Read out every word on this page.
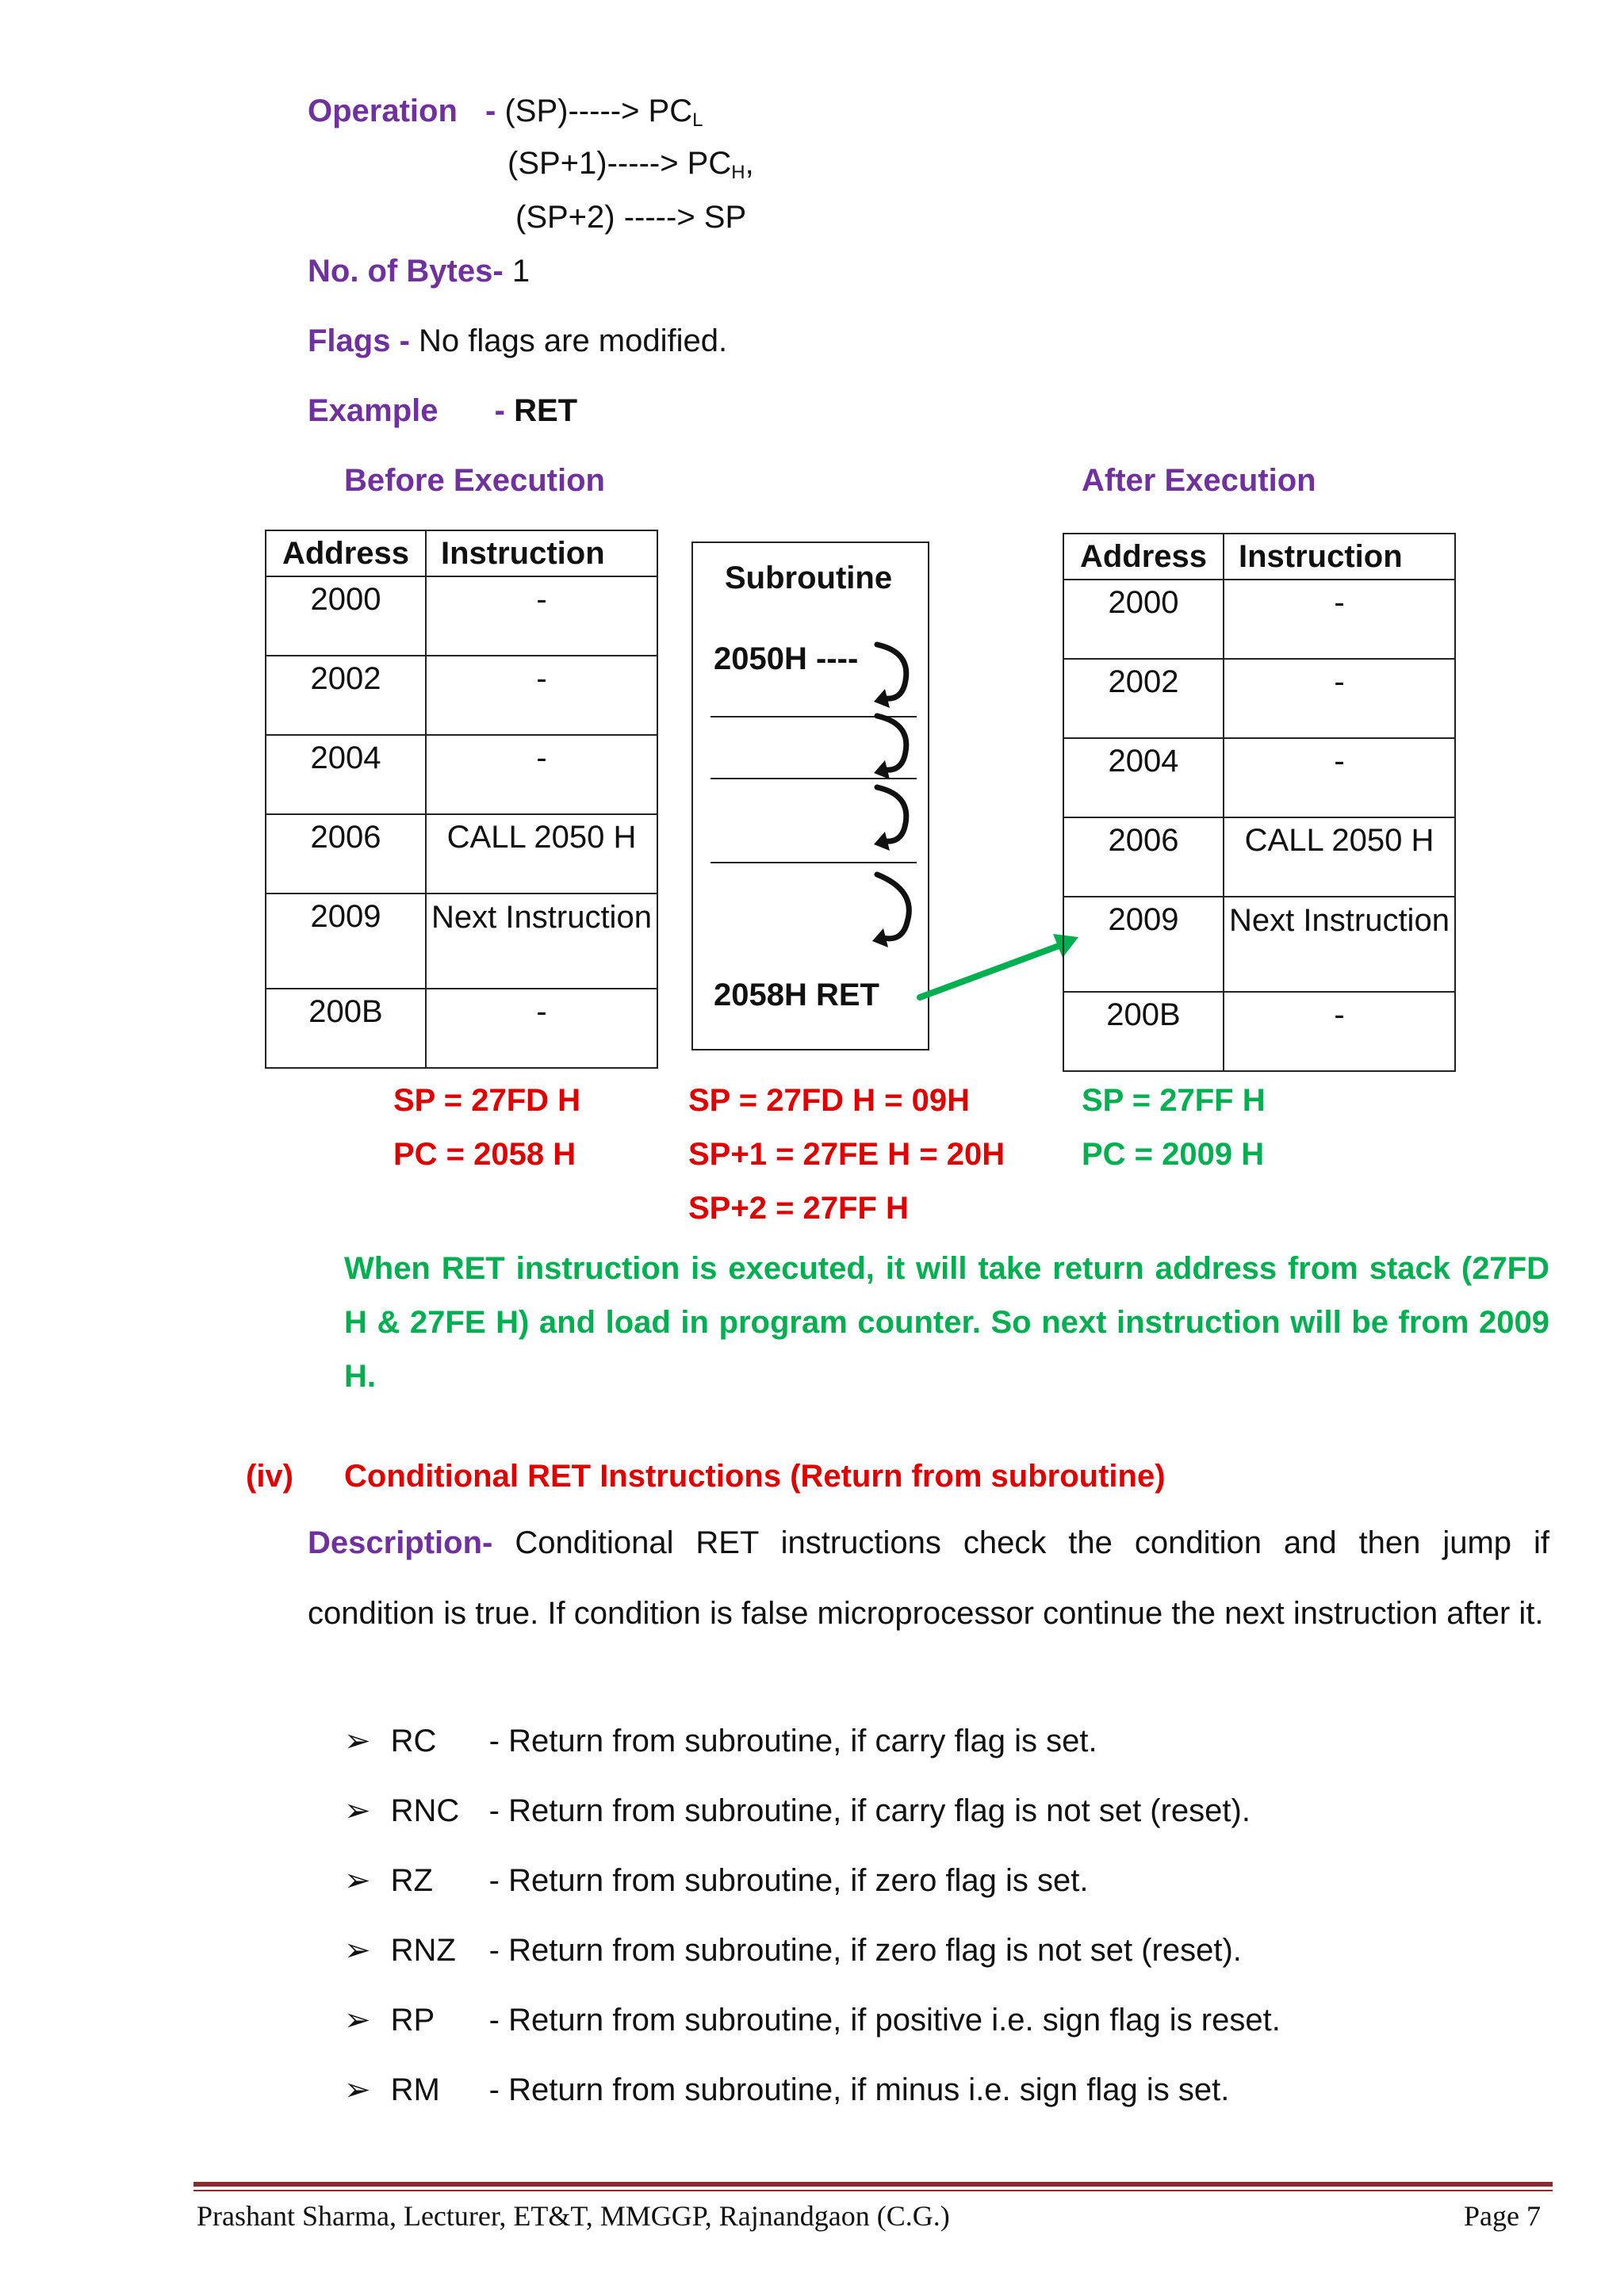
Operation - $(SP)-----> PC_L$
$(SP+1)-----> PC_H$,
(SP+2) -----> SP
No. of Bytes- 1
Flags - No flags are modified.
Example - RET
Before Execution	After Execution
Address	Instruction
2000	-
2002	-
2004	-
2006	CALL 2050 H
2009	Next Instruction
200B	-
Subroutine
2050H ----
2058H RET
Address	Instruction
2000	-
2002	-
2004	-
2006	CALL 2050 H
2009	Next Instruction
200B	-
SP = 27FD H
PC = 2058 H
SP = 27FD H = 09H
SP+1 = 27FE H = 20H
SP+2 = 27FF H
SP = 27FF H
PC = 2009 H
When RET instruction is executed, it will take return address from stack (27FD H & 27FE H) and load in program counter. So next instruction will be from 2009 H.
(iv) Conditional RET Instructions (Return from subroutine)
Description- Conditional RET instructions check the condition and then jump if condition is true. If condition is false microprocessor continue the next instruction after it.
➢ RC - Return from subroutine, if carry flag is set.
➢ RNC - Return from subroutine, if carry flag is not set (reset).
➢ RZ - Return from subroutine, if zero flag is set.
➢ RNZ - Return from subroutine, if zero flag is not set (reset).
➢ RP - Return from subroutine, if positive i.e. sign flag is reset.
➢ RM - Return from subroutine, if minus i.e. sign flag is set.
Prashant Sharma, Lecturer, ET&T, MMGGP, Rajnandgaon (C.G.)	Page 7
